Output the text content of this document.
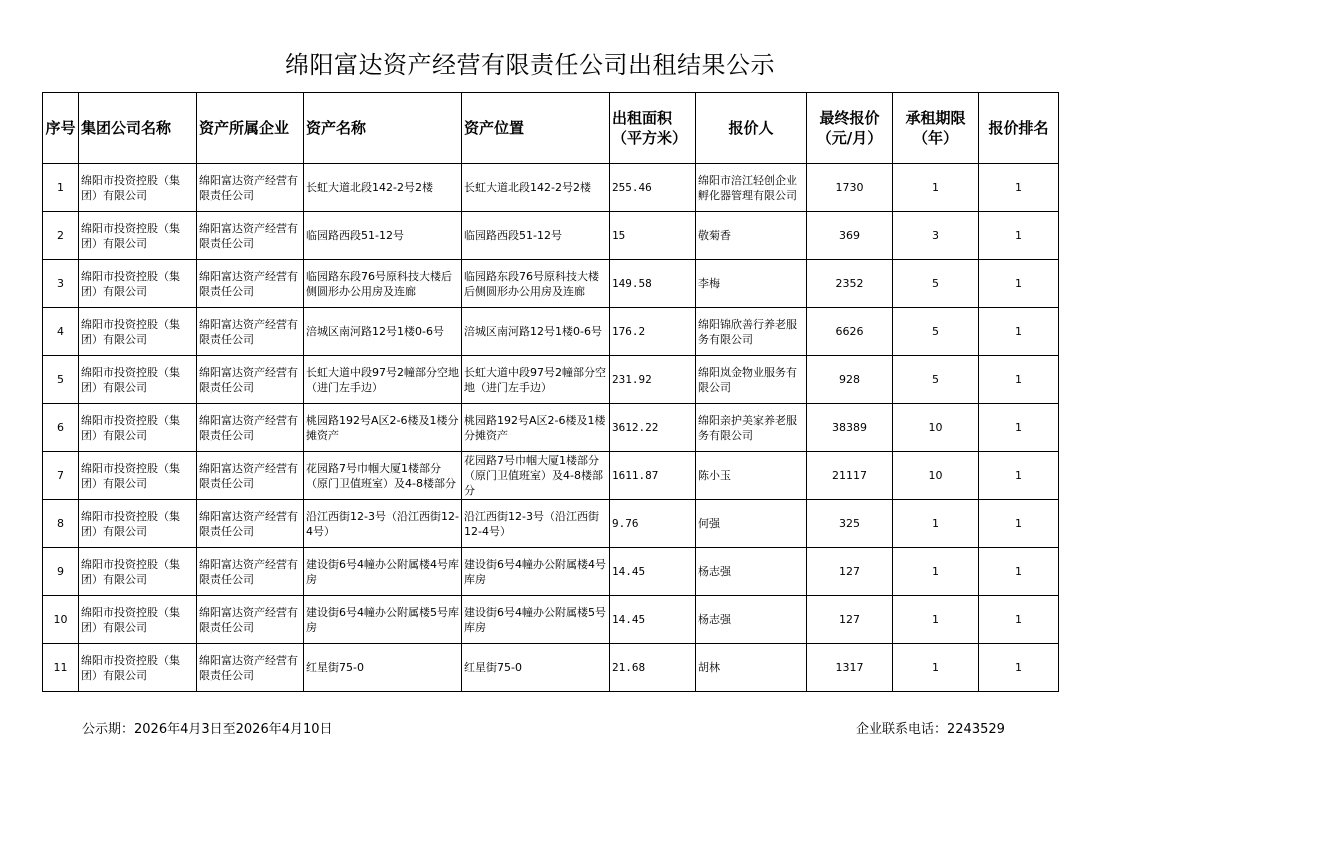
绵阳富达资产经营有限责任公司出租结果公示
序号	集团公司名称	资产所属企业	资产名称	资产位置	出租面积（平方米）	报价人	最终报价（元/月）	承租期限（年）	报价排名
1	绵阳市投资控股（集团）有限公司	绵阳富达资产经营有限责任公司	长虹大道北段142-2号2楼	长虹大道北段142-2号2楼	255.46	绵阳市涪江轻创企业孵化器管理有限公司	1730	1	1
2	绵阳市投资控股（集团）有限公司	绵阳富达资产经营有限责任公司	临园路西段51-12号	临园路西段51-12号	15	敬菊香	369	3	1
3	绵阳市投资控股（集团）有限公司	绵阳富达资产经营有限责任公司	临园路东段76号原科技大楼后侧圆形办公用房及连廊	临园路东段76号原科技大楼后侧圆形办公用房及连廊	149.58	李梅	2352	5	1
4	绵阳市投资控股（集团）有限公司	绵阳富达资产经营有限责任公司	涪城区南河路12号1楼0-6号	涪城区南河路12号1楼0-6号	176.2	绵阳锦欣善行养老服务有限公司	6626	5	1
5	绵阳市投资控股（集团）有限公司	绵阳富达资产经营有限责任公司	长虹大道中段97号2幢部分空地（进门左手边）	长虹大道中段97号2幢部分空地（进门左手边）	231.92	绵阳岚金物业服务有限公司	928	5	1
6	绵阳市投资控股（集团）有限公司	绵阳富达资产经营有限责任公司	桃园路192号A区2-6楼及1楼分摊资产	桃园路192号A区2-6楼及1楼分摊资产	3612.22	绵阳亲护美家养老服务有限公司	38389	10	1
7	绵阳市投资控股（集团）有限公司	绵阳富达资产经营有限责任公司	花园路7号巾帼大厦1楼部分（原门卫值班室）及4-8楼部分	花园路7号巾帼大厦1楼部分（原门卫值班室）及4-8楼部分	1611.87	陈小玉	21117	10	1
8	绵阳市投资控股（集团）有限公司	绵阳富达资产经营有限责任公司	沿江西街12-3号（沿江西街12-4号）	沿江西街12-3号（沿江西街12-4号）	9.76	何强	325	1	1
9	绵阳市投资控股（集团）有限公司	绵阳富达资产经营有限责任公司	建设街6号4幢办公附属楼4号库房	建设街6号4幢办公附属楼4号库房	14.45	杨志强	127	1	1
10	绵阳市投资控股（集团）有限公司	绵阳富达资产经营有限责任公司	建设街6号4幢办公附属楼5号库房	建设街6号4幢办公附属楼5号库房	14.45	杨志强	127	1	1
11	绵阳市投资控股（集团）有限公司	绵阳富达资产经营有限责任公司	红星街75-0	红星街75-0	21.68	胡林	1317	1	1
公示期：2026年4月3日至2026年4月10日	企业联系电话：2243529
